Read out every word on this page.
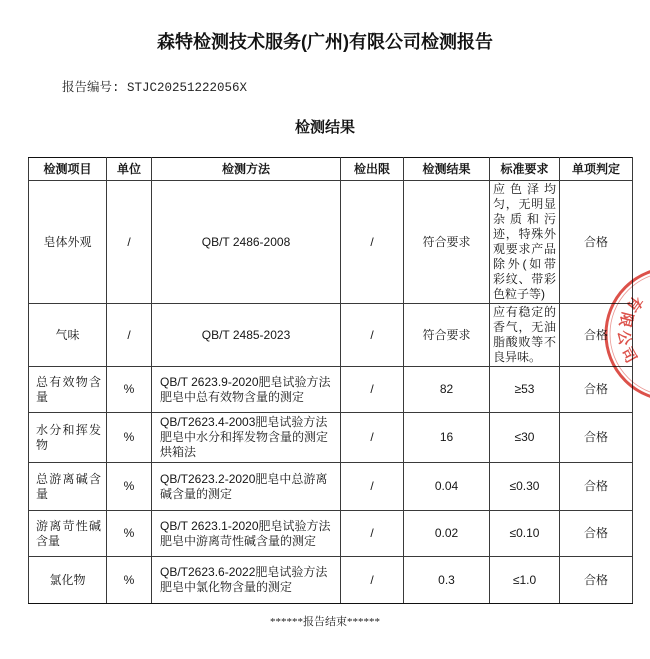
森特检测技术服务(广州)有限公司检测报告
报告编号: STJC20251222056X
检测结果
检测项目	单位	检测方法	检出限	检测结果	标准要求	单项判定
皂体外观	/	QB/T 2486-2008	/	符合要求	应色泽均匀，无明显杂质和污迹，特殊外观要求产品除外(如带彩纹、带彩色粒子等)	合格
气味	/	QB/T 2485-2023	/	符合要求	应有稳定的香气，无油脂酸败等不良异味。	合格
总有效物含量	%	QB/T 2623.9-2020肥皂试验方法肥皂中总有效物含量的测定	/	82	≥53	合格
水分和挥发物	%	QB/T2623.4-2003肥皂试验方法肥皂中水分和挥发物含量的测定烘箱法	/	16	≤30	合格
总游离碱含量	%	QB/T2623.2-2020肥皂中总游离碱含量的测定	/	0.04	≤0.30	合格
游离苛性碱含量	%	QB/T 2623.1-2020肥皂试验方法肥皂中游离苛性碱含量的测定	/	0.02	≤0.10	合格
氯化物	%	QB/T2623.6-2022肥皂试验方法肥皂中氯化物含量的测定	/	0.3	≤1.0	合格
******报告结束******
有限公司
